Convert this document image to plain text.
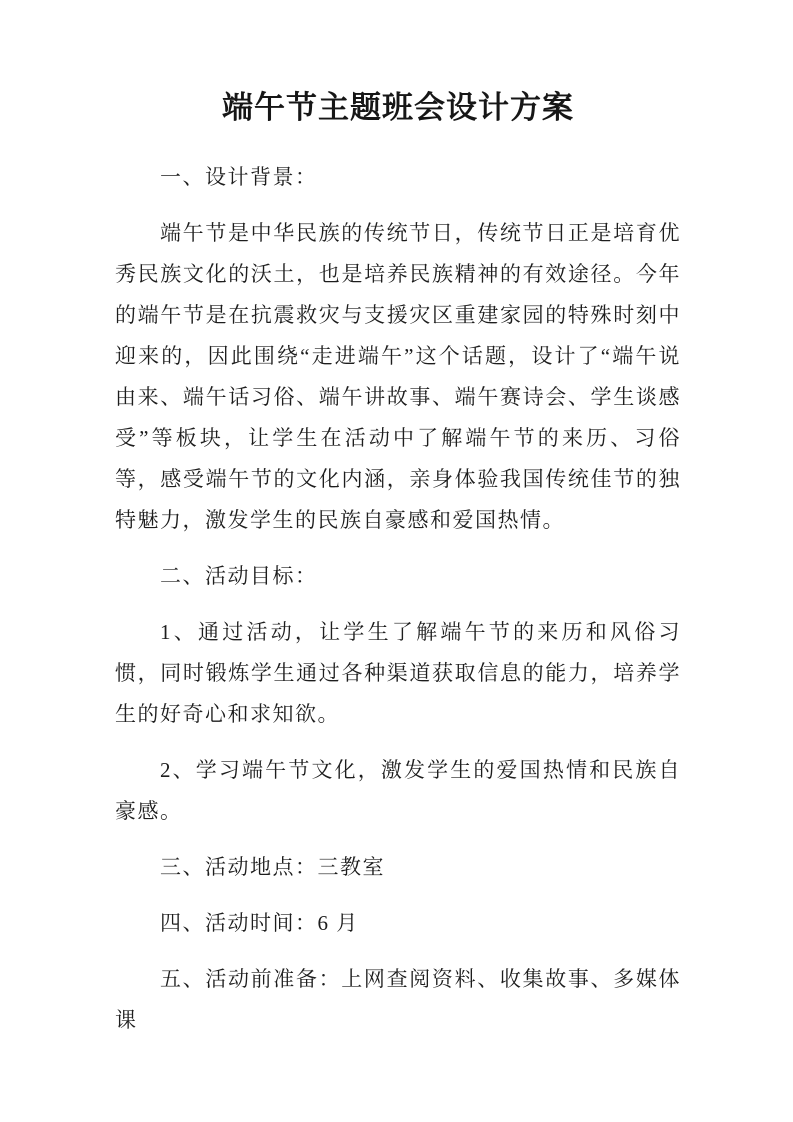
端午节主题班会设计方案

一、设计背景：

端午节是中华民族的传统节日，传统节日正是培育优秀民族文化的沃土，也是培养民族精神的有效途径。今年的端午节是在抗震救灾与支援灾区重建家园的特殊时刻中迎来的，因此围绕“走进端午”这个话题，设计了“端午说由来、端午话习俗、端午讲故事、端午赛诗会、学生谈感受”等板块，让学生在活动中了解端午节的来历、习俗等，感受端午节的文化内涵，亲身体验我国传统佳节的独特魅力，激发学生的民族自豪感和爱国热情。

二、活动目标：

1、通过活动，让学生了解端午节的来历和风俗习惯，同时锻炼学生通过各种渠道获取信息的能力，培养学生的好奇心和求知欲。

2、学习端午节文化，激发学生的爱国热情和民族自豪感。

三、活动地点：三教室

四、活动时间：6 月

五、活动前准备：上网查阅资料、收集故事、多媒体课
